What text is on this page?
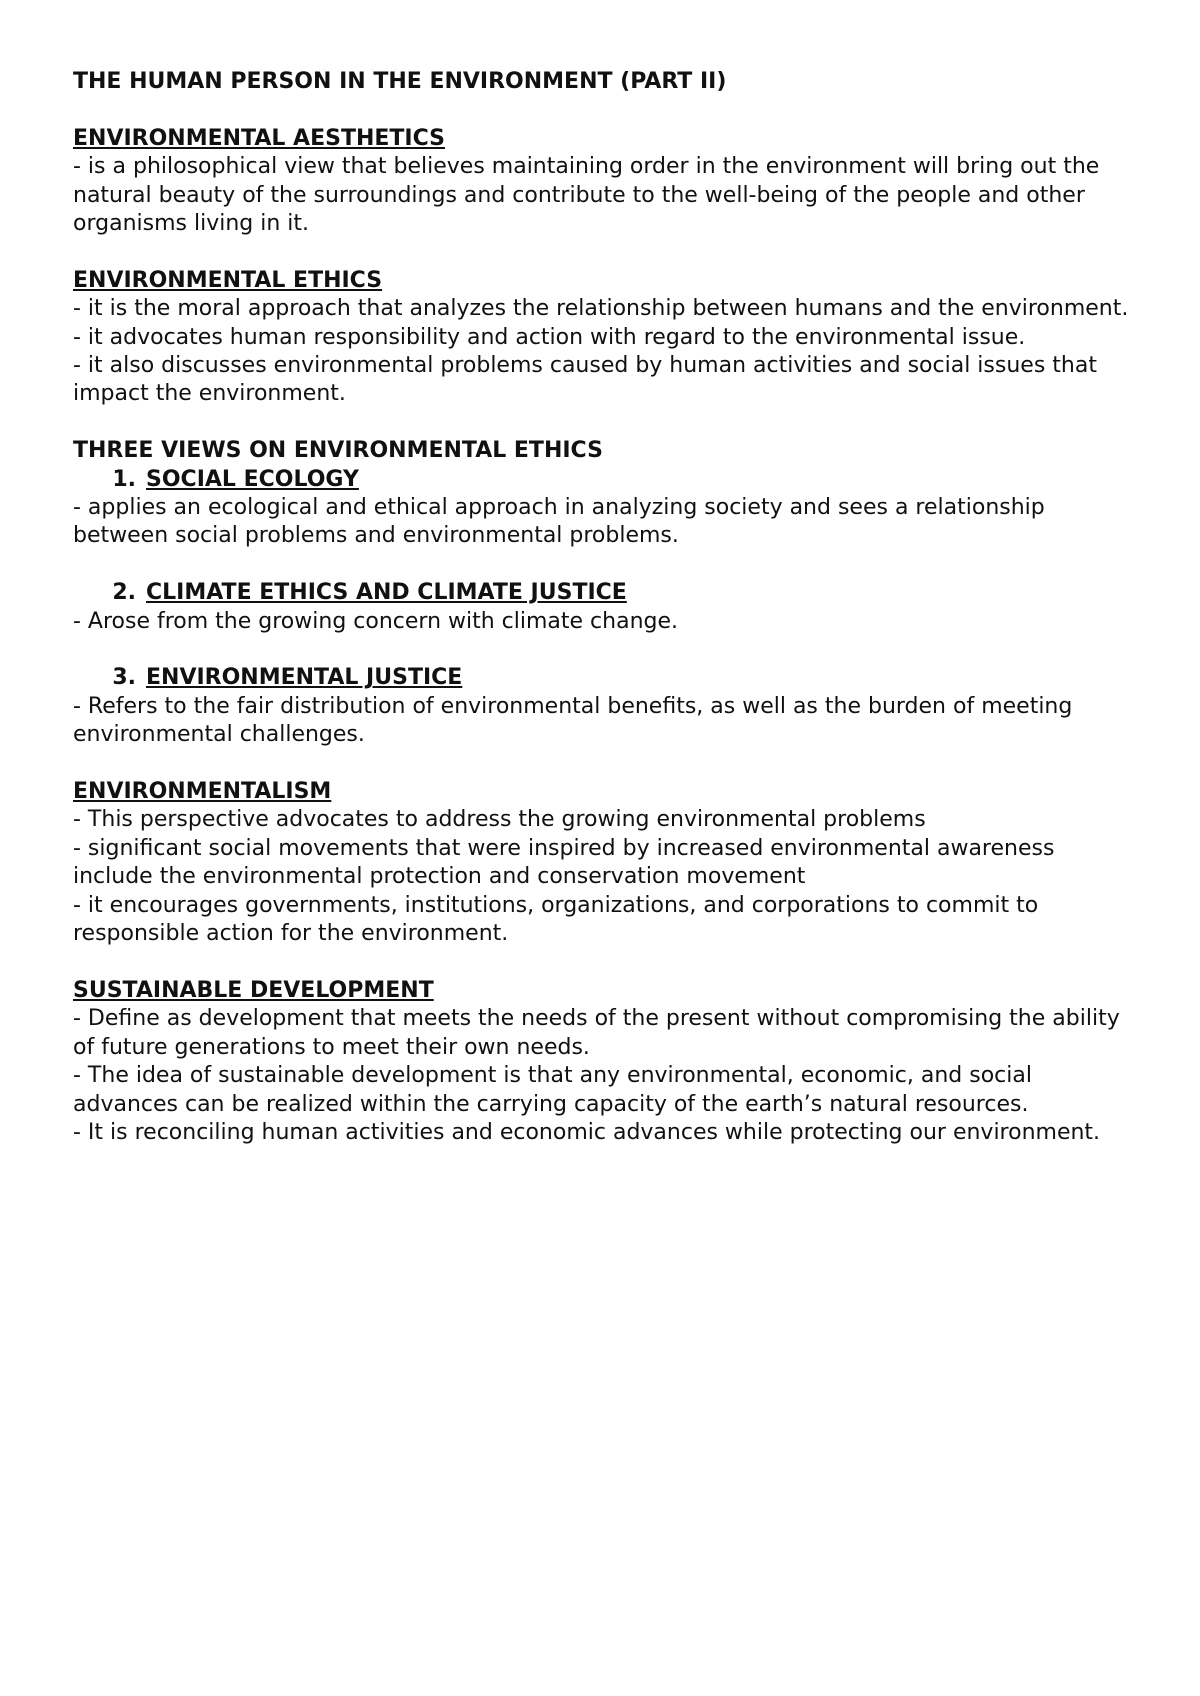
THE HUMAN PERSON IN THE ENVIRONMENT (PART II)

ENVIRONMENTAL AESTHETICS

- is a philosophical view that believes maintaining order in the environment will bring out the natural beauty of the surroundings and contribute to the well-being of the people and other organisms living in it.

ENVIRONMENTAL ETHICS

- it is the moral approach that analyzes the relationship between humans and the environment.

- it advocates human responsibility and action with regard to the environmental issue.

- it also discusses environmental problems caused by human activities and social issues that impact the environment.

THREE VIEWS ON ENVIRONMENTAL ETHICS

1. SOCIAL ECOLOGY

- applies an ecological and ethical approach in analyzing society and sees a relationship between social problems and environmental problems.

2. CLIMATE ETHICS AND CLIMATE JUSTICE

- Arose from the growing concern with climate change.

3. ENVIRONMENTAL JUSTICE

- Refers to the fair distribution of environmental benefits, as well as the burden of meeting environmental challenges.

ENVIRONMENTALISM

- This perspective advocates to address the growing environmental problems

- significant social movements that were inspired by increased environmental awareness include the environmental protection and conservation movement

- it encourages governments, institutions, organizations, and corporations to commit to responsible action for the environment.

SUSTAINABLE DEVELOPMENT

- Define as development that meets the needs of the present without compromising the ability of future generations to meet their own needs.

- The idea of sustainable development is that any environmental, economic, and social advances can be realized within the carrying capacity of the earth’s natural resources.

- It is reconciling human activities and economic advances while protecting our environment.
